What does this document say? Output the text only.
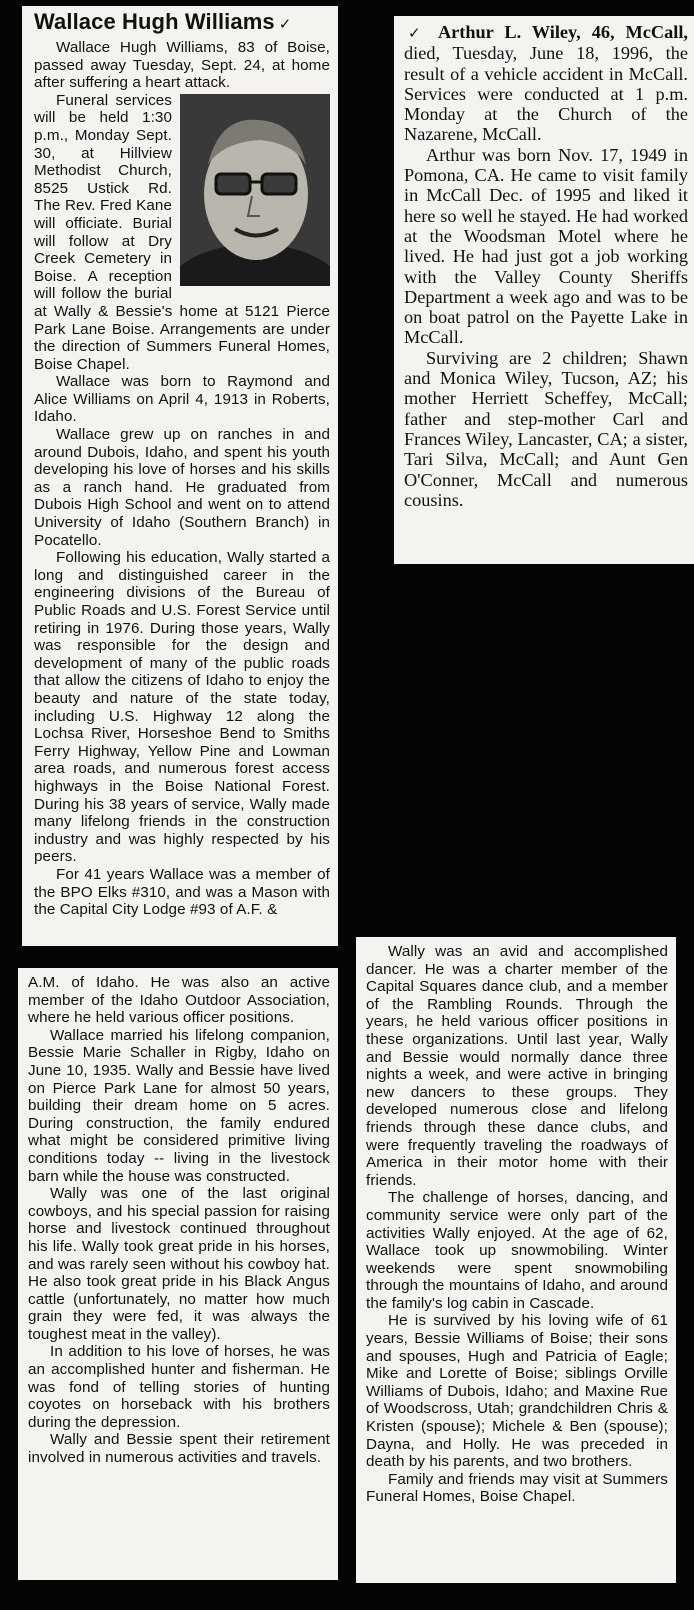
Wallace Hugh Williams ✓

Wallace Hugh Williams, 83 of Boise, passed away Tuesday, Sept. 24, at home after suffering a heart attack.

Funeral services will be held 1:30 p.m., Monday Sept. 30, at Hillview Methodist Church, 8525 Ustick Rd. The Rev. Fred Kane will officiate. Burial will follow at Dry Creek Cemetery in Boise. A reception will follow the burial at Wally & Bessie's home at 5121 Pierce Park Lane Boise. Arrangements are under the direction of Summers Funeral Homes, Boise Chapel.

Wallace was born to Raymond and Alice Williams on April 4, 1913 in Roberts, Idaho.

Wallace grew up on ranches in and around Dubois, Idaho, and spent his youth developing his love of horses and his skills as a ranch hand. He graduated from Dubois High School and went on to attend University of Idaho (Southern Branch) in Pocatello.

Following his education, Wally started a long and distinguished career in the engineering divisions of the Bureau of Public Roads and U.S. Forest Service until retiring in 1976. During those years, Wally was responsible for the design and development of many of the public roads that allow the citizens of Idaho to enjoy the beauty and nature of the state today, including U.S. Highway 12 along the Lochsa River, Horseshoe Bend to Smiths Ferry Highway, Yellow Pine and Lowman area roads, and numerous forest access highways in the Boise National Forest. During his 38 years of service, Wally made many lifelong friends in the construction industry and was highly respected by his peers.

For 41 years Wallace was a member of the BPO Elks #310, and was a Mason with the Capital City Lodge #93 of A.F. &

✓ Arthur L. Wiley, 46, McCall, died, Tuesday, June 18, 1996, the result of a vehicle accident in McCall. Services were conducted at 1 p.m. Monday at the Church of the Nazarene, McCall.

Arthur was born Nov. 17, 1949 in Pomona, CA. He came to visit family in McCall Dec. of 1995 and liked it here so well he stayed. He had worked at the Woodsman Motel where he lived. He had just got a job working with the Valley County Sheriffs Department a week ago and was to be on boat patrol on the Payette Lake in McCall.

Surviving are 2 children; Shawn and Monica Wiley, Tucson, AZ; his mother Herriett Scheffey, McCall; father and step-mother Carl and Frances Wiley, Lancaster, CA; a sister, Tari Silva, McCall; and Aunt Gen O'Conner, McCall and numerous cousins.

A.M. of Idaho. He was also an active member of the Idaho Outdoor Association, where he held various officer positions.

Wallace married his lifelong companion, Bessie Marie Schaller in Rigby, Idaho on June 10, 1935. Wally and Bessie have lived on Pierce Park Lane for almost 50 years, building their dream home on 5 acres. During construction, the family endured what might be considered primitive living conditions today -- living in the livestock barn while the house was constructed.

Wally was one of the last original cowboys, and his special passion for raising horse and livestock continued throughout his life. Wally took great pride in his horses, and was rarely seen without his cowboy hat. He also took great pride in his Black Angus cattle (unfortunately, no matter how much grain they were fed, it was always the toughest meat in the valley).

In addition to his love of horses, he was an accomplished hunter and fisherman. He was fond of telling stories of hunting coyotes on horseback with his brothers during the depression.

Wally and Bessie spent their retirement involved in numerous activities and travels.

Wally was an avid and accomplished dancer. He was a charter member of the Capital Squares dance club, and a member of the Rambling Rounds. Through the years, he held various officer positions in these organizations. Until last year, Wally and Bessie would normally dance three nights a week, and were active in bringing new dancers to these groups. They developed numerous close and lifelong friends through these dance clubs, and were frequently traveling the roadways of America in their motor home with their friends.

The challenge of horses, dancing, and community service were only part of the activities Wally enjoyed. At the age of 62, Wallace took up snowmobiling. Winter weekends were spent snowmobiling through the mountains of Idaho, and around the family's log cabin in Cascade.

He is survived by his loving wife of 61 years, Bessie Williams of Boise; their sons and spouses, Hugh and Patricia of Eagle; Mike and Lorette of Boise; siblings Orville Williams of Dubois, Idaho; and Maxine Rue of Woodscross, Utah; grandchildren Chris & Kristen (spouse); Michele & Ben (spouse); Dayna, and Holly. He was preceded in death by his parents, and two brothers.

Family and friends may visit at Summers Funeral Homes, Boise Chapel.
